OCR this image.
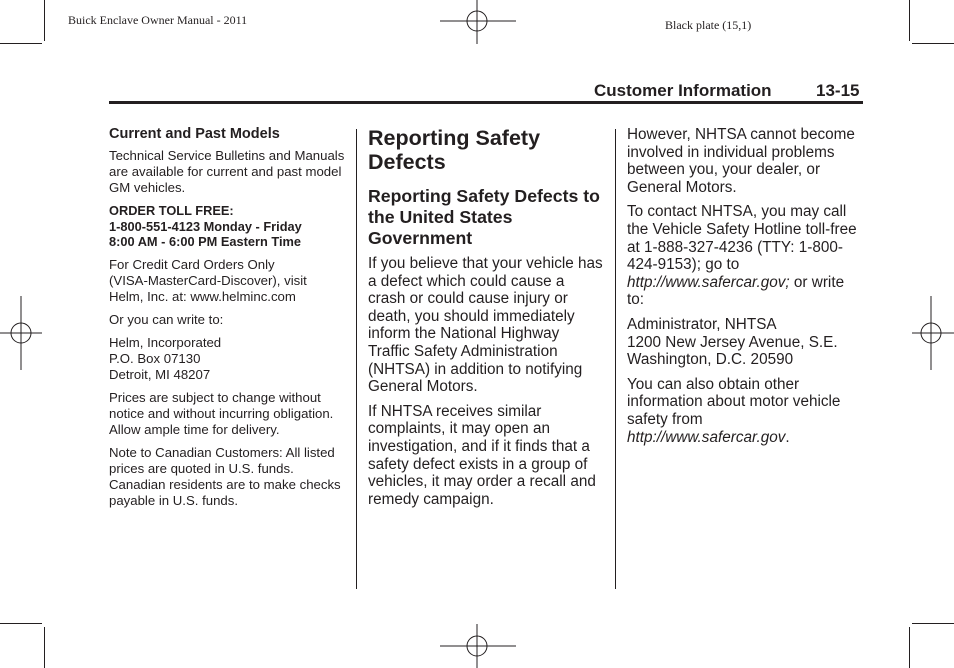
Buick Enclave Owner Manual - 2011	Black plate (15,1)
Customer Information	13-15
Current and Past Models

Technical Service Bulletins and Manuals are available for current and past model GM vehicles.

ORDER TOLL FREE:
1-800-551-4123 Monday - Friday
8:00 AM - 6:00 PM Eastern Time

For Credit Card Orders Only
(VISA-MasterCard-Discover), visit
Helm, Inc. at: www.helminc.com

Or you can write to:

Helm, Incorporated
P.O. Box 07130
Detroit, MI 48207

Prices are subject to change without notice and without incurring obligation. Allow ample time for delivery.

Note to Canadian Customers: All listed prices are quoted in U.S. funds. Canadian residents are to make checks payable in U.S. funds.

Reporting Safety Defects
Reporting Safety Defects to the United States Government

If you believe that your vehicle has a defect which could cause a crash or could cause injury or death, you should immediately inform the National Highway Traffic Safety Administration (NHTSA) in addition to notifying General Motors.

If NHTSA receives similar complaints, it may open an investigation, and if it finds that a safety defect exists in a group of vehicles, it may order a recall and remedy campaign.

However, NHTSA cannot become involved in individual problems between you, your dealer, or General Motors.

To contact NHTSA, you may call the Vehicle Safety Hotline toll-free at 1-888-327-4236 (TTY: 1-800-424-9153); go to http://www.safercar.gov; or write to:

Administrator, NHTSA
1200 New Jersey Avenue, S.E.
Washington, D.C. 20590

You can also obtain other information about motor vehicle safety from http://www.safercar.gov.
